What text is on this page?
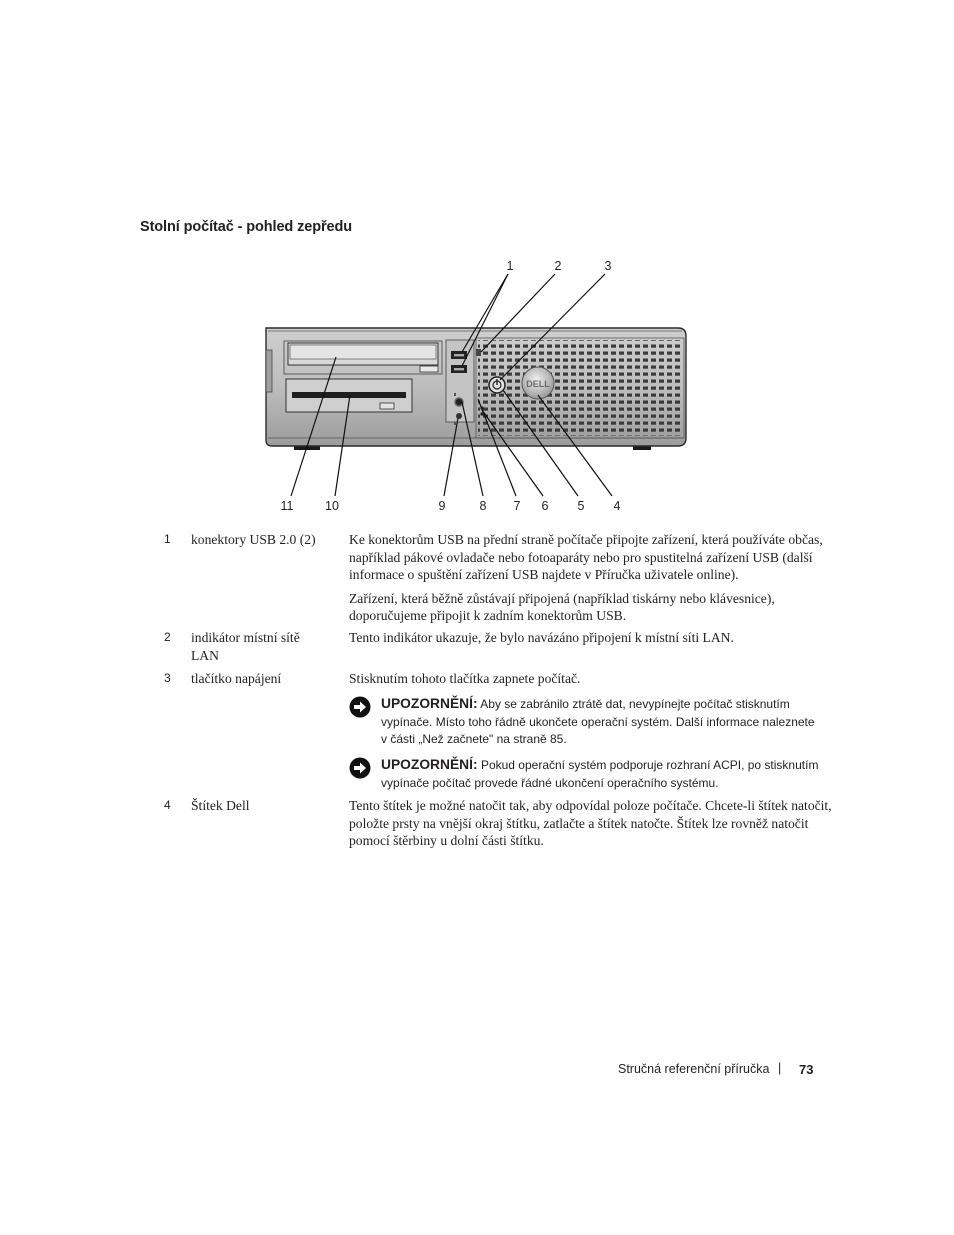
Stolní počítač - pohled zepředu
DELL
1	2	3
11	10	9	8 7 6 5 4
1 konektory USB 2.0 (2)	Ke konektorům USB na přední straně počítače připojte zařízení, která používáte občas, například pákové ovladače nebo fotoaparáty nebo pro spustitelná zařízení USB (další informace o spuštění zařízení USB najdete v Příručka uživatele online).

Zařízení, která běžně zůstávají připojená (například tiskárny nebo klávesnice), doporučujeme připojit k zadním konektorům USB.

2 indikátor místní sítě LAN

Tento indikátor ukazuje, že bylo navázáno připojení k místní síti LAN.

3 tlačítko napájení	Stisknutím tohoto tlačítka zapnete počítač.

UPOZORNĚNÍ: Aby se zabránilo ztrátě dat, nevypínejte počítač stisknutím vypínače. Místo toho řádně ukončete operační systém. Další informace naleznete v části „Než začnete" na straně 85.
UPOZORNĚNÍ: Pokud operační systém podporuje rozhraní ACPI, po stisknutím vypínače počítač provede řádné ukončení operačního systému.
4 Štítek Dell	Tento štítek je možné natočit tak, aby odpovídal poloze počítače. Chcete-li štítek natočit, položte prsty na vnější okraj štítku, zatlačte a štítek natočte. Štítek lze rovněž natočit pomocí štěrbiny u dolní části štítku.

Stručná referenční příručka | 73
